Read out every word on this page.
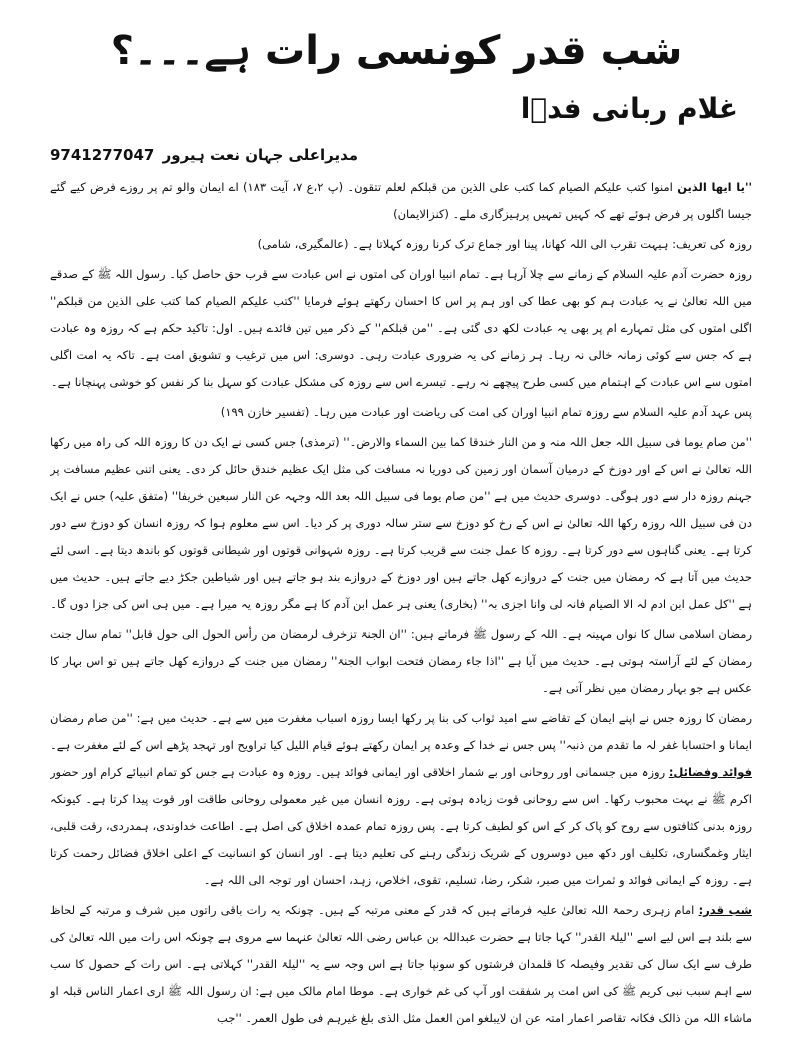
شب قدر کونسی رات ہے۔۔۔؟
غلام ربانی فدؔا
9741277047 مدیراعلی جہان نعت ہیرور

''یا ایھا الذین امنوا کتب علیکم الصیام کما کتب علی الذین من قبلکم لعلم تتقون۔ (پ ۲،ع ۷، آیت ۱۸۳) اے ایمان والو تم پر روزے فرض کیے گئے جیسا اگلوں پر فرض ہوئے تھے کہ کہیں تمہیں پرہیزگاری ملے۔ (کنزالایمان)

روزہ کی تعریف: ہیہت تقرب الی اللہ کھانا، پینا اور جماع ترک کرنا روزہ کہلاتا ہے۔ (عالمگیری، شامی)

روزہ حضرت آدم علیہ السلام کے زمانے سے چلا آرہا ہے۔ تمام انبیا اوران کی امتوں نے اس عبادت سے قرب حق حاصل کیا۔ رسول اللہ ﷺ کے صدقے میں اللہ تعالیٰ نے یہ عبادت ہم کو بھی عطا کی اور ہم پر اس کا احسان رکھتے ہوئے فرمایا ''کتب علیکم الصیام کما کتب علی الذین من قبلکم'' اگلی امتوں کی مثل تمہارے ام پر بھی یہ عبادت لکھ دی گئی ہے۔ ''من قبلکم'' کے ذکر میں تین فائدے ہیں۔ اول: تاکید حکم ہے کہ روزہ وہ عبادت ہے کہ جس سے کوئی زمانہ خالی نہ رہا۔ ہر زمانے کی یہ ضروری عبادت رہی۔ دوسری: اس میں ترغیب و تشویق امت ہے۔ تاکہ یہ امت اگلی امتوں سے اس عبادت کے اہتمام میں کسی طرح پیچھے نہ رہے۔ تیسرے اس سے روزہ کی مشکل عبادت کو سہل بنا کر نفس کو خوشی پہنچانا ہے۔

پس عہد آدم علیہ السلام سے روزہ تمام انبیا اوران کی امت کی ریاضت اور عبادت میں رہا۔ (تفسیر خازن ۱۹۹)

''من صام یوما فی سبیل اللہ جعل اللہ منہ و من النار خندقا کما بین السماء والارض۔'' (ترمذی) جس کسی نے ایک دن کا روزہ اللہ کی راہ میں رکھا اللہ تعالیٰ نے اس کے اور دوزخ کے درمیان آسمان اور زمین کی دوریا نہ مسافت کی مثل ایک عظیم خندق حائل کر دی۔ یعنی اتنی عظیم مسافت پر جہنم روزہ دار سے دور ہوگی۔ دوسری حدیث میں ہے ''من صام یوما فی سبیل اللہ بعد اللہ وجہہ عن النار سبعین خریفا'' (متفق علیہ) جس نے ایک دن فی سبیل اللہ روزہ رکھا اللہ تعالیٰ نے اس کے رخ کو دوزخ سے ستر سالہ دوری پر کر دیا۔ اس سے معلوم ہوا کہ روزہ انسان کو دوزخ سے دور کرتا ہے۔ یعنی گناہوں سے دور کرتا ہے۔ روزہ کا عمل جنت سے قریب کرتا ہے۔ روزہ شہوانی قوتوں اور شیطانی قوتوں کو باندھ دیتا ہے۔ اسی لئے حدیث میں آتا ہے کہ رمضان میں جنت کے دروازے کھل جاتے ہیں اور دوزخ کے دروازے بند ہو جاتے ہیں اور شیاطین جکڑ دیے جاتے ہیں۔ حدیث میں ہے ''کل عمل ابن ادم لہ الا الصیام فانہ لی وانا اجزی بہ'' (بخاری) یعنی ہر عمل ابن آدم کا ہے مگر روزہ یہ میرا ہے۔ میں ہی اس کی جزا دوں گا۔

رمضان اسلامی سال کا نواں مہینہ ہے۔ اللہ کے رسول ﷺ فرماتے ہیں: ''ان الجنۃ تزخرف لرمضان من رأس الحول الی حول قابل'' تمام سال جنت رمضان کے لئے آراستہ ہوتی ہے۔ حدیث میں آیا ہے ''اذا جاء رمضان فتحت ابواب الجنۃ'' رمضان میں جنت کے دروازے کھل جاتے ہیں تو اس بہار کا عکس ہے جو بہار رمضان میں نظر آتی ہے۔

رمضان کا روزہ جس نے اپنے ایمان کے تقاضے سے امید ثواب کی بنا پر رکھا ایسا روزہ اسباب مغفرت میں سے ہے۔ حدیث میں ہے: ''من صام رمضان ایمانا و احتسابا غفر لہ ما تقدم من ذنبہ'' پس جس نے خدا کے وعدہ پر ایمان رکھتے ہوئے قیام اللیل کیا تراویح اور تہجد پڑھے اس کے لئے مغفرت ہے۔ فوائد وفضائل: روزہ میں جسمانی اور روحانی اور بے شمار اخلاقی اور ایمانی فوائد ہیں۔ روزہ وہ عبادت ہے جس کو تمام انبیائے کرام اور حضور اکرم ﷺ نے بہت محبوب رکھا۔ اس سے روحانی قوت زیادہ ہوتی ہے۔ روزہ انسان میں غیر معمولی روحانی طاقت اور قوت پیدا کرتا ہے۔ کیونکہ روزہ بدنی کثافتوں سے روح کو پاک کر کے اس کو لطیف کرتا ہے۔ پس روزہ تمام عمدہ اخلاق کی اصل ہے۔ اطاعت خداوندی، ہمدردی، رقت قلبی، ایثار وغمگساری، تکلیف اور دکھ میں دوسروں کے شریک زندگی رہنے کی تعلیم دیتا ہے۔ اور انسان کو انسانیت کے اعلی اخلاق فضائل رحمت کرتا ہے۔ روزہ کے ایمانی فوائد و ثمرات میں صبر، شکر، رضا، تسلیم، تقوی، اخلاص، زہد، احسان اور توجہ الی اللہ ہے۔

شب قدر: امام زہری رحمۃ اللہ تعالیٰ علیہ فرماتے ہیں کہ قدر کے معنی مرتبہ کے ہیں۔ چونکہ یہ رات باقی راتوں میں شرف و مرتبہ کے لحاظ سے بلند ہے اس لیے اسے ''لیلۃ القدر'' کہا جاتا ہے حضرت عبداللہ بن عباس رضی اللہ تعالیٰ عنہما سے مروی ہے چونکہ اس رات میں اللہ تعالیٰ کی طرف سے ایک سال کی تقدیر وفیصلہ کا قلمدان فرشتوں کو سونپا جاتا ہے اس وجہ سے یہ ''لیلۃ القدر'' کہلاتی ہے۔ اس رات کے حصول کا سب سے اہم سبب نبی کریم ﷺ کی اس امت پر شفقت اور آپ کی غم خواری ہے۔ موطا امام مالک میں ہے: ان رسول اللہ ﷺ اری اعمار الناس قبلہ او ماشاء اللہ من ذالک فکانہ تقاصر اعمار امتہ عن ان لایبلغو امن العمل مثل الذی بلغ غیرہم فی طول العمر۔ ''جب
